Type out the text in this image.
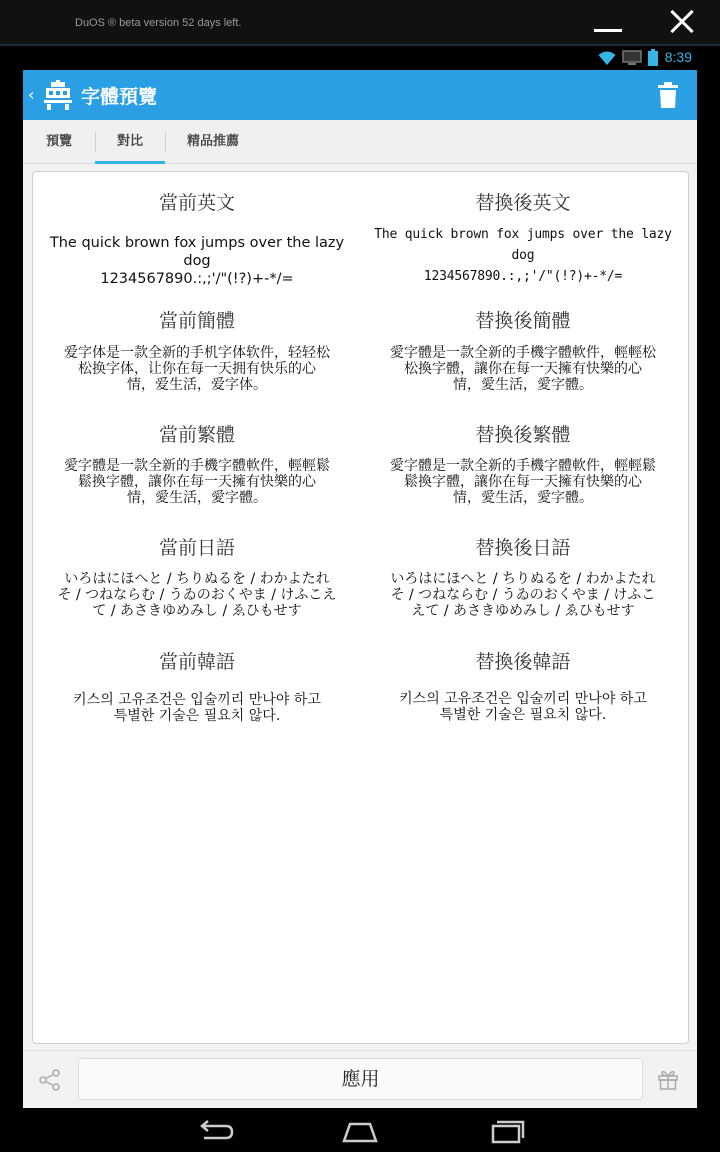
DuOS ® beta version 52 days left.
8:39
‹ 字體預覽
預覽	對比	精品推薦
當前英文
The quick brown fox jumps over the lazy dog
1234567890.:,;'/"(!?)+-*/=
當前簡體
爱字体是一款全新的手机字体软件，轻轻松
松换字体，让你在每一天拥有快乐的心
情，爱生活，爱字体。
當前繁體
愛字體是一款全新的手機字體軟件，輕輕鬆
鬆換字體，讓你在每一天擁有快樂的心
情，愛生活，愛字體。
當前日語
いろはにほへと / ちりぬるを / わかよたれ
そ / つねならむ / うゐのおくやま / けふこえ
て / あさきゆめみし / ゑひもせす
當前韓語
키스의 고유조건은 입술끼리 만나야 하고
특별한 기술은 필요치 않다.
替換後英文
The quick brown fox jumps over the lazy
dog
1234567890.:,;'/"(!?)+-*/=
替換後簡體
愛字體是一款全新的手機字體軟件，輕輕松
松換字體，讓你在每一天擁有快樂的心
情，愛生活，愛字體。
替換後繁體
愛字體是一款全新的手機字體軟件，輕輕鬆
鬆換字體，讓你在每一天擁有快樂的心
情，愛生活，愛字體。
替換後日語
いろはにほへと / ちりぬるを / わかよたれ
そ / つねならむ / うゐのおくやま / けふこ
えて / あさきゆめみし / ゑひもせす
替換後韓語
키스의 고유조건은 입술끼리 만나야 하고
특별한 기술은 필요치 않다.
應用
